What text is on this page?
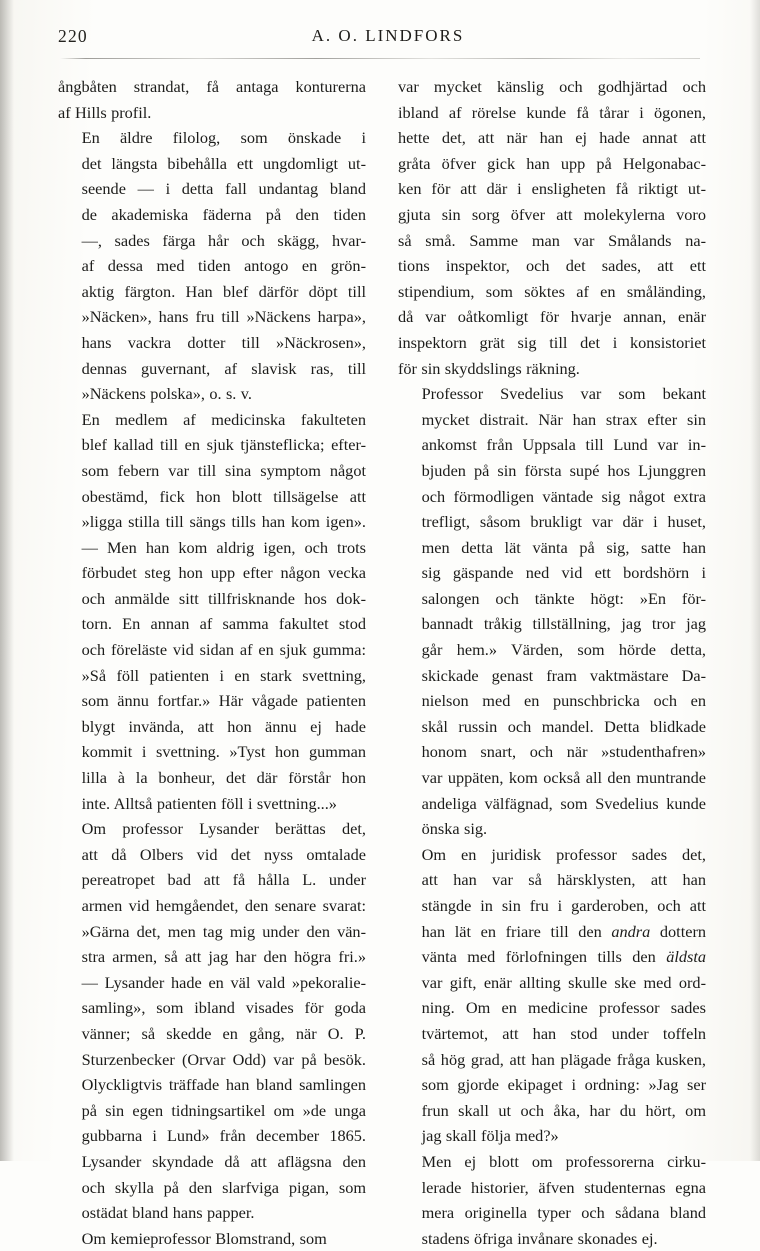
220	A. O. LINDFORS

ångbåten strandat, få antaga konturerna
af Hills profil.

En äldre filolog, som önskade i
det längsta bibehålla ett ungdomligt ut-
seende — i detta fall undantag bland
de akademiska fäderna på den tiden
—, sades färga hår och skägg, hvar-
af dessa med tiden antogo en grön-
aktig färgton. Han blef därför döpt till
»Näcken», hans fru till »Näckens harpa»,
hans vackra dotter till »Näckrosen»,
dennas guvernant, af slavisk ras, till
»Näckens polska», o. s. v.

En medlem af medicinska fakulteten
blef kallad till en sjuk tjänsteflicka; efter-
som febern var till sina symptom något
obestämd, fick hon blott tillsägelse att
»ligga stilla till sängs tills han kom igen».
— Men han kom aldrig igen, och trots
förbudet steg hon upp efter någon vecka
och anmälde sitt tillfrisknande hos dok-
torn. En annan af samma fakultet stod
och föreläste vid sidan af en sjuk gumma:
»Så föll patienten i en stark svettning,
som ännu fortfar.» Här vågade patienten
blygt invända, att hon ännu ej hade
kommit i svettning. »Tyst hon gumman
lilla à la bonheur, det där förstår hon
inte. Alltså patienten föll i svettning...»

Om professor Lysander berättas det,
att då Olbers vid det nyss omtalade
pereatropet bad att få hålla L. under
armen vid hemgåendet, den senare svarat:
»Gärna det, men tag mig under den vän-
stra armen, så att jag har den högra fri.»
— Lysander hade en väl vald »pekoralie-
samling», som ibland visades för goda
vänner; så skedde en gång, när O. P.
Sturzenbecker (Orvar Odd) var på besök.
Olyckligtvis träffade han bland samlingen
på sin egen tidningsartikel om »de unga
gubbarna i Lund» från december 1865.
Lysander skyndade då att aflägsna den
och skylla på den slarfviga pigan, som
ostädat bland hans papper.

Om kemieprofessor Blomstrand, som

var mycket känslig och godhjärtad och
ibland af rörelse kunde få tårar i ögonen,
hette det, att när han ej hade annat att
gråta öfver gick han upp på Helgonabac-
ken för att där i ensligheten få riktigt ut-
gjuta sin sorg öfver att molekylerna voro
så små. Samme man var Smålands na-
tions inspektor, och det sades, att ett
stipendium, som söktes af en småländing,
då var oåtkomligt för hvarje annan, enär
inspektorn grät sig till det i konsistoriet
för sin skyddslings räkning.

Professor Svedelius var som bekant
mycket distrait. När han strax efter sin
ankomst från Uppsala till Lund var in-
bjuden på sin första supé hos Ljunggren
och förmodligen väntade sig något extra
trefligt, såsom brukligt var där i huset,
men detta lät vänta på sig, satte han
sig gäspande ned vid ett bordshörn i
salongen och tänkte högt: »En för-
bannadt tråkig tillställning, jag tror jag
går hem.» Värden, som hörde detta,
skickade genast fram vaktmästare Da-
nielson med en punschbricka och en
skål russin och mandel. Detta blidkade
honom snart, och när »studenthafren»
var uppäten, kom också all den muntrande
andeliga välfägnad, som Svedelius kunde
önska sig.

Om en juridisk professor sades det,
att han var så härsklysten, att han
stängde in sin fru i garderoben, och att
han lät en friare till den andra dottern
vänta med förlofningen tills den äldsta
var gift, enär allting skulle ske med ord-
ning. Om en medicine professor sades
tvärtemot, att han stod under toffeln
så hög grad, att han plägade fråga kusken,
som gjorde ekipaget i ordning: »Jag ser
frun skall ut och åka, har du hört, om
jag skall följa med?»

Men ej blott om professorerna cirku-
lerade historier, äfven studenternas egna
mera originella typer och sådana bland
stadens öfriga invånare skonades ej.
